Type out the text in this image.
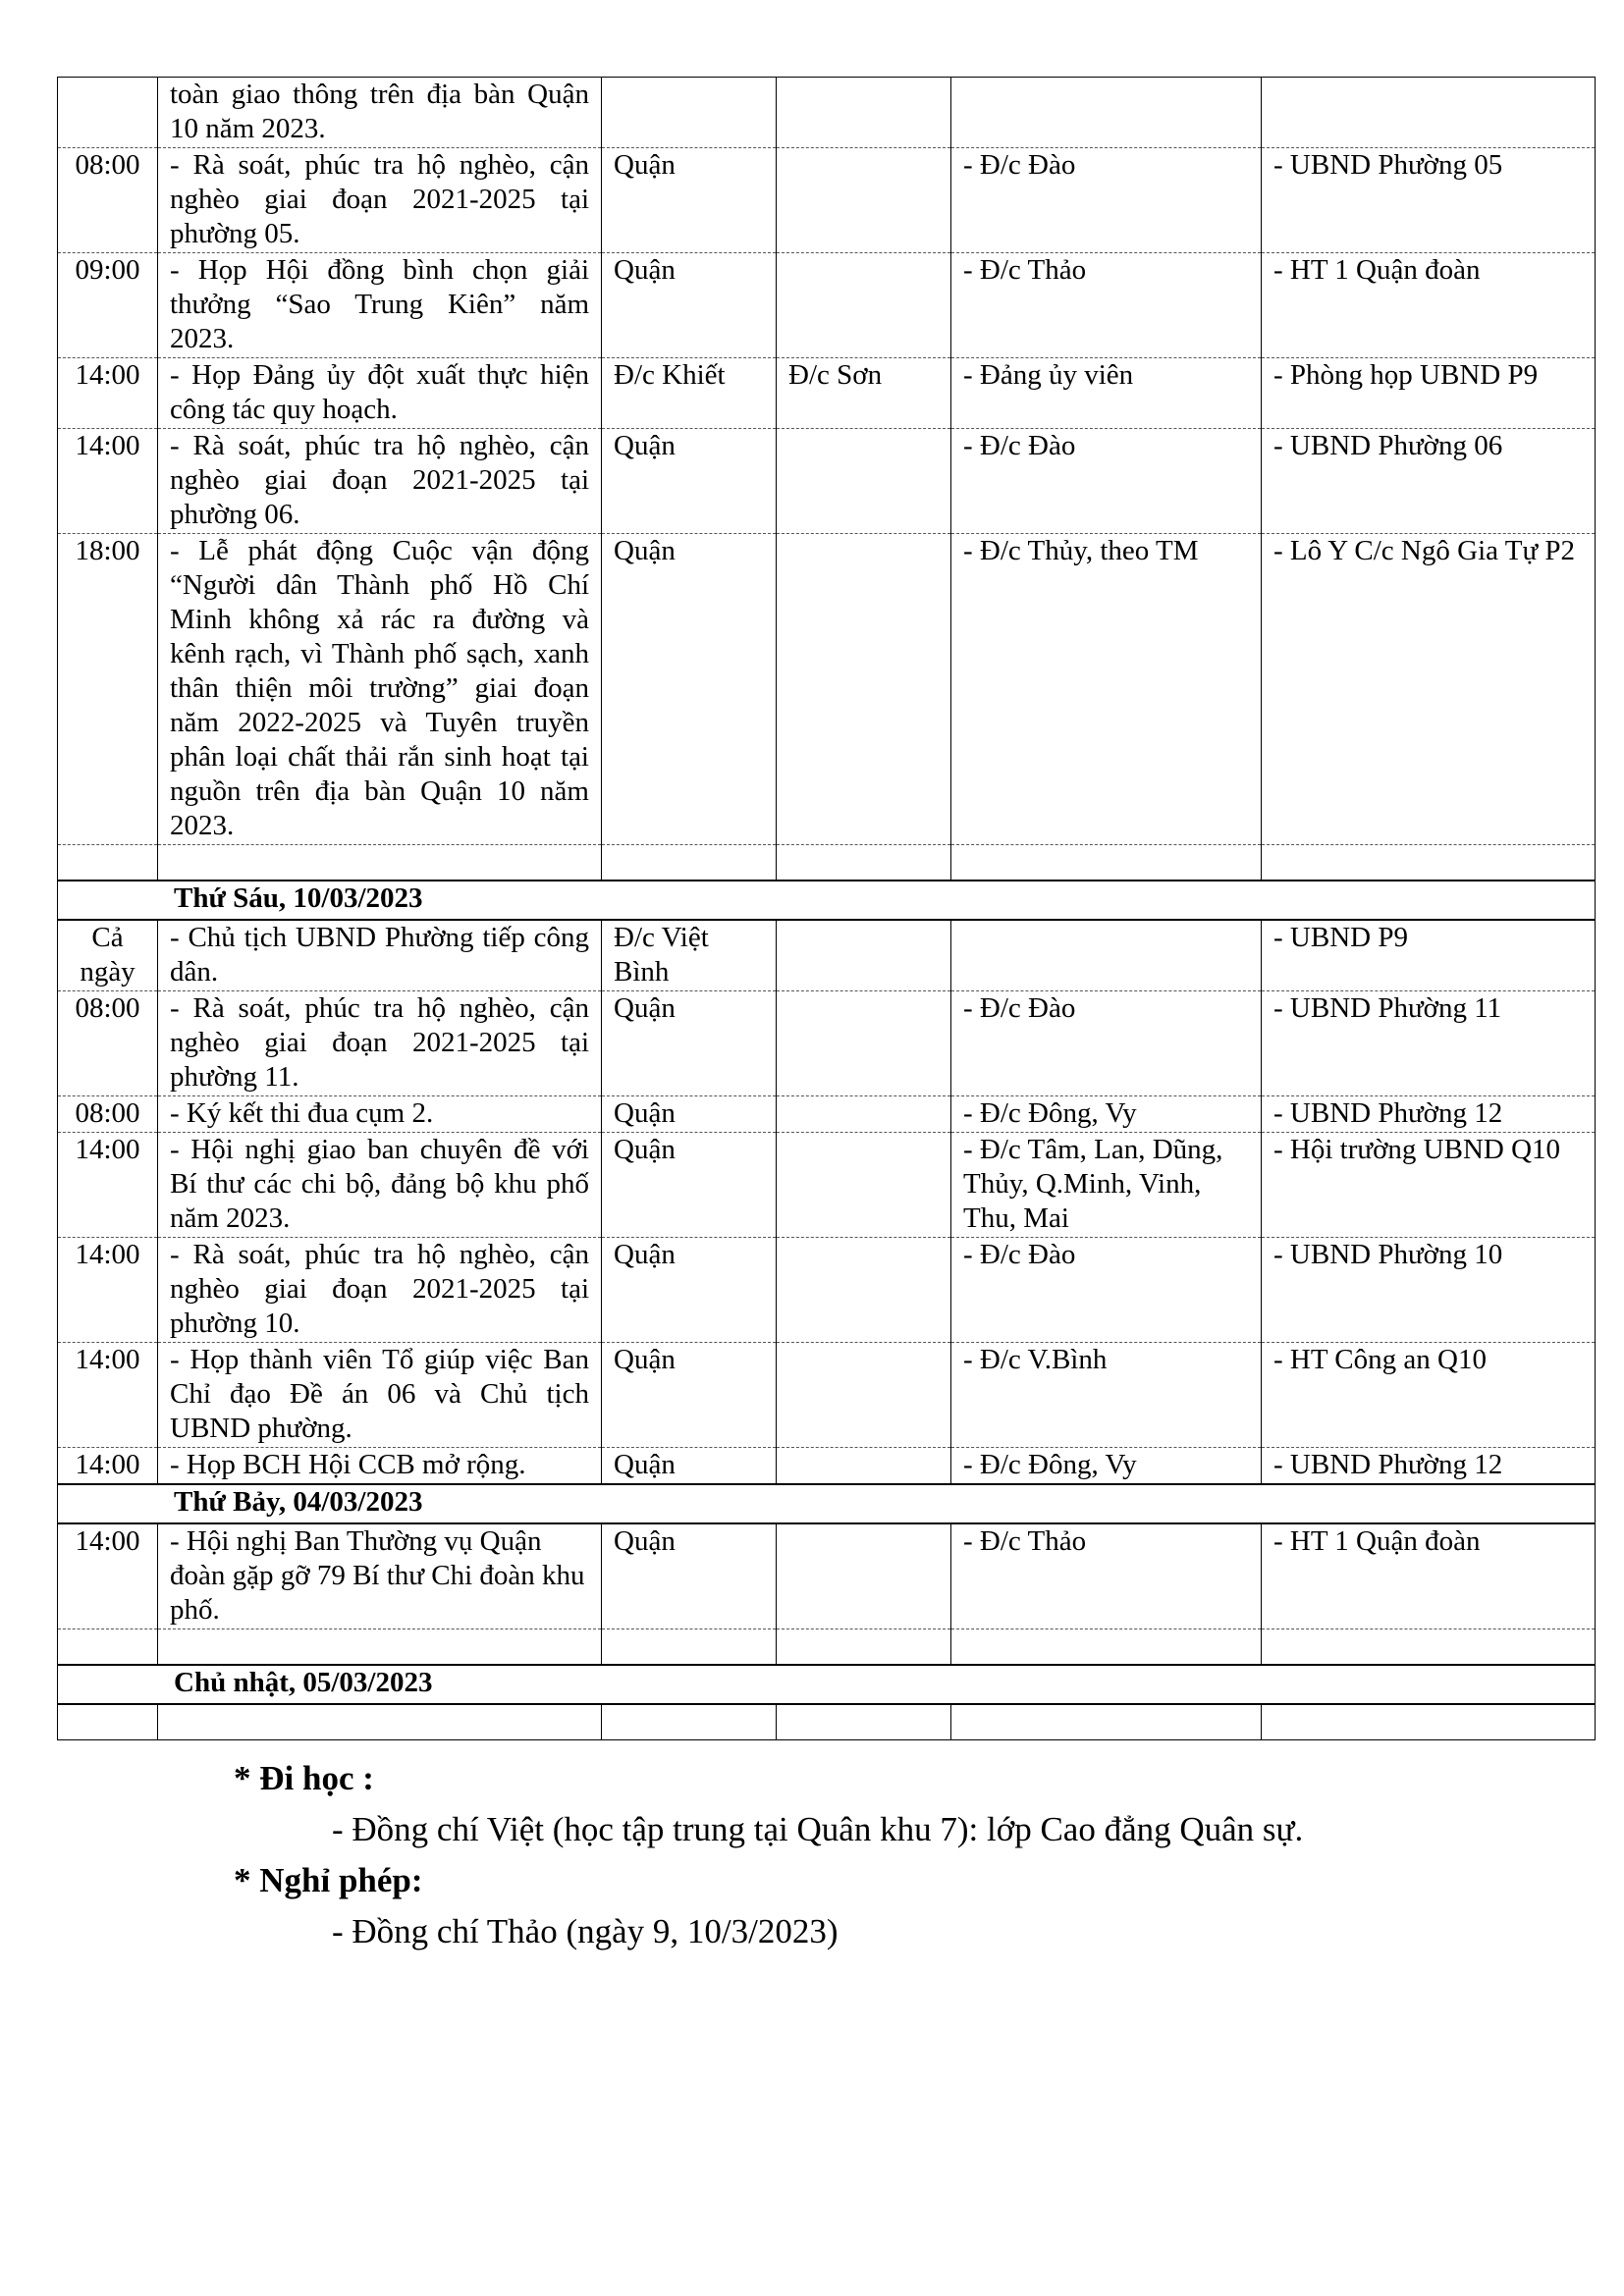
	toàn giao thông trên địa bàn Quận 10 năm 2023.				
08:00	- Rà soát, phúc tra hộ nghèo, cận nghèo giai đoạn 2021-2025 tại phường 05.	Quận		- Đ/c Đào	- UBND Phường 05
09:00	- Họp Hội đồng bình chọn giải thưởng “Sao Trung Kiên” năm 2023.	Quận		- Đ/c Thảo	- HT 1 Quận đoàn
14:00	- Họp Đảng ủy đột xuất thực hiện công tác quy hoạch.	Đ/c Khiết	Đ/c Sơn	- Đảng ủy viên	- Phòng họp UBND P9
14:00	- Rà soát, phúc tra hộ nghèo, cận nghèo giai đoạn 2021-2025 tại phường 06.	Quận		- Đ/c Đào	- UBND Phường 06
18:00	- Lễ phát động Cuộc vận động “Người dân Thành phố Hồ Chí Minh không xả rác ra đường và kênh rạch, vì Thành phố sạch, xanh thân thiện môi trường” giai đoạn năm 2022-2025 và Tuyên truyền phân loại chất thải rắn sinh hoạt tại nguồn trên địa bàn Quận 10 năm 2023.	Quận		- Đ/c Thủy, theo TM	- Lô Y C/c Ngô Gia Tự P2

Thứ Sáu, 10/03/2023					
Cả ngày	- Chủ tịch UBND Phường tiếp công dân.	Đ/c Việt Bình			- UBND P9
08:00	- Rà soát, phúc tra hộ nghèo, cận nghèo giai đoạn 2021-2025 tại phường 11.	Quận		- Đ/c Đào	- UBND Phường 11
08:00	- Ký kết thi đua cụm 2.	Quận		- Đ/c Đông, Vy	- UBND Phường 12
14:00	- Hội nghị giao ban chuyên đề với Bí thư các chi bộ, đảng bộ khu phố năm 2023.	Quận		- Đ/c Tâm, Lan, Dũng, Thủy, Q.Minh, Vinh, Thu, Mai	- Hội trường UBND Q10
14:00	- Rà soát, phúc tra hộ nghèo, cận nghèo giai đoạn 2021-2025 tại phường 10.	Quận		- Đ/c Đào	- UBND Phường 10
14:00	- Họp thành viên Tổ giúp việc Ban Chỉ đạo Đề án 06 và Chủ tịch UBND phường.	Quận		- Đ/c V.Bình	- HT Công an Q10
14:00	- Họp BCH Hội CCB mở rộng.	Quận		- Đ/c Đông, Vy	- UBND Phường 12
Thứ Bảy, 04/03/2023					
14:00	- Hội nghị Ban Thường vụ Quận đoàn gặp gỡ 79 Bí thư Chi đoàn khu phố.	Quận		- Đ/c Thảo	- HT 1 Quận đoàn

Chủ nhật, 05/03/2023					

* Đi học :
- Đồng chí Việt (học tập trung tại Quân khu 7): lớp Cao đẳng Quân sự.
* Nghỉ phép:
- Đồng chí Thảo (ngày 9, 10/3/2023)
